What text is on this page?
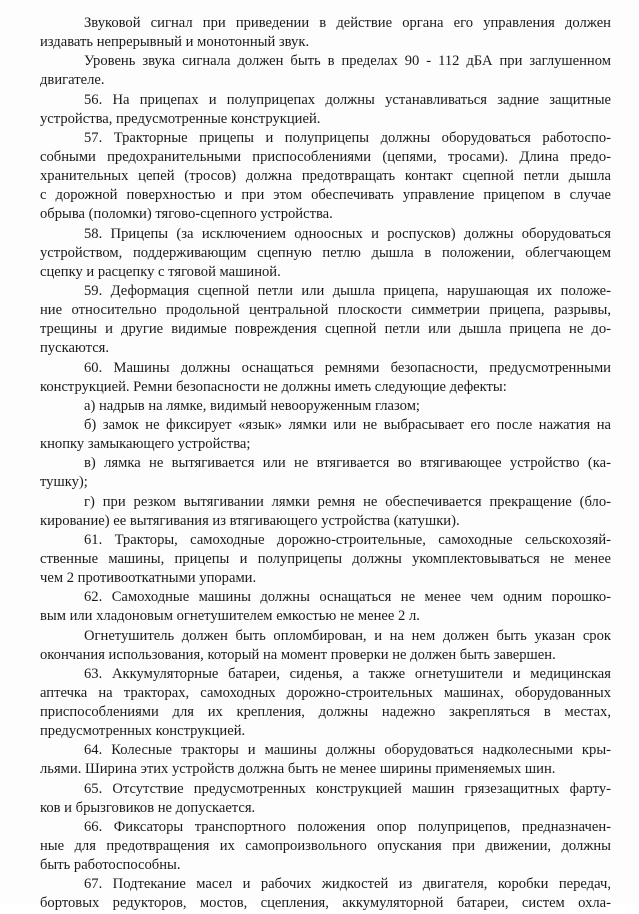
Звуковой сигнал при приведении в действие органа его управления должен
издавать непрерывный и монотонный звук.
Уровень звука сигнала должен быть в пределах 90 - 112 дБА при заглушенном
двигателе.
56. На прицепах и полуприцепах должны устанавливаться задние защитные
устройства, предусмотренные конструкцией.
57. Тракторные прицепы и полуприцепы должны оборудоваться работоспо-
собными предохранительными приспособлениями (цепями, тросами). Длина предо-
хранительных цепей (тросов) должна предотвращать контакт сцепной петли дышла
с дорожной поверхностью и при этом обеспечивать управление прицепом в случае
обрыва (поломки) тягово-сцепного устройства.
58. Прицепы (за исключением одноосных и роспусков) должны оборудоваться
устройством, поддерживающим сцепную петлю дышла в положении, облегчающем
сцепку и расцепку с тяговой машиной.
59. Деформация сцепной петли или дышла прицепа, нарушающая их положе-
ние относительно продольной центральной плоскости симметрии прицепа, разрывы,
трещины и другие видимые повреждения сцепной петли или дышла прицепа не до-
пускаются.
60. Машины должны оснащаться ремнями безопасности, предусмотренными
конструкцией. Ремни безопасности не должны иметь следующие дефекты:
а) надрыв на лямке, видимый невооруженным глазом;
б) замок не фиксирует «язык» лямки или не выбрасывает его после нажатия на
кнопку замыкающего устройства;
в) лямка не вытягивается или не втягивается во втягивающее устройство (ка-
тушку);
г) при резком вытягивании лямки ремня не обеспечивается прекращение (бло-
кирование) ее вытягивания из втягивающего устройства (катушки).
61. Тракторы, самоходные дорожно-строительные, самоходные сельскохозяй-
ственные машины, прицепы и полуприцепы должны укомплектовываться не менее
чем 2 противооткатными упорами.
62. Самоходные машины должны оснащаться не менее чем одним порошко-
вым или хладоновым огнетушителем емкостью не менее 2 л.
Огнетушитель должен быть опломбирован, и на нем должен быть указан срок
окончания использования, который на момент проверки не должен быть завершен.
63. Аккумуляторные батареи, сиденья, а также огнетушители и медицинская
аптечка на тракторах, самоходных дорожно-строительных машинах, оборудованных
приспособлениями для их крепления, должны надежно закрепляться в местах,
предусмотренных конструкцией.
64. Колесные тракторы и машины должны оборудоваться надколесными кры-
льями. Ширина этих устройств должна быть не менее ширины применяемых шин.
65. Отсутствие предусмотренных конструкцией машин грязезащитных фарту-
ков и брызговиков не допускается.
66. Фиксаторы транспортного положения опор полуприцепов, предназначен-
ные для предотвращения их самопроизвольного опускания при движении, должны
быть работоспособны.
67. Подтекание масел и рабочих жидкостей из двигателя, коробки передач,
бортовых редукторов, мостов, сцепления, аккумуляторной батареи, систем охла-
